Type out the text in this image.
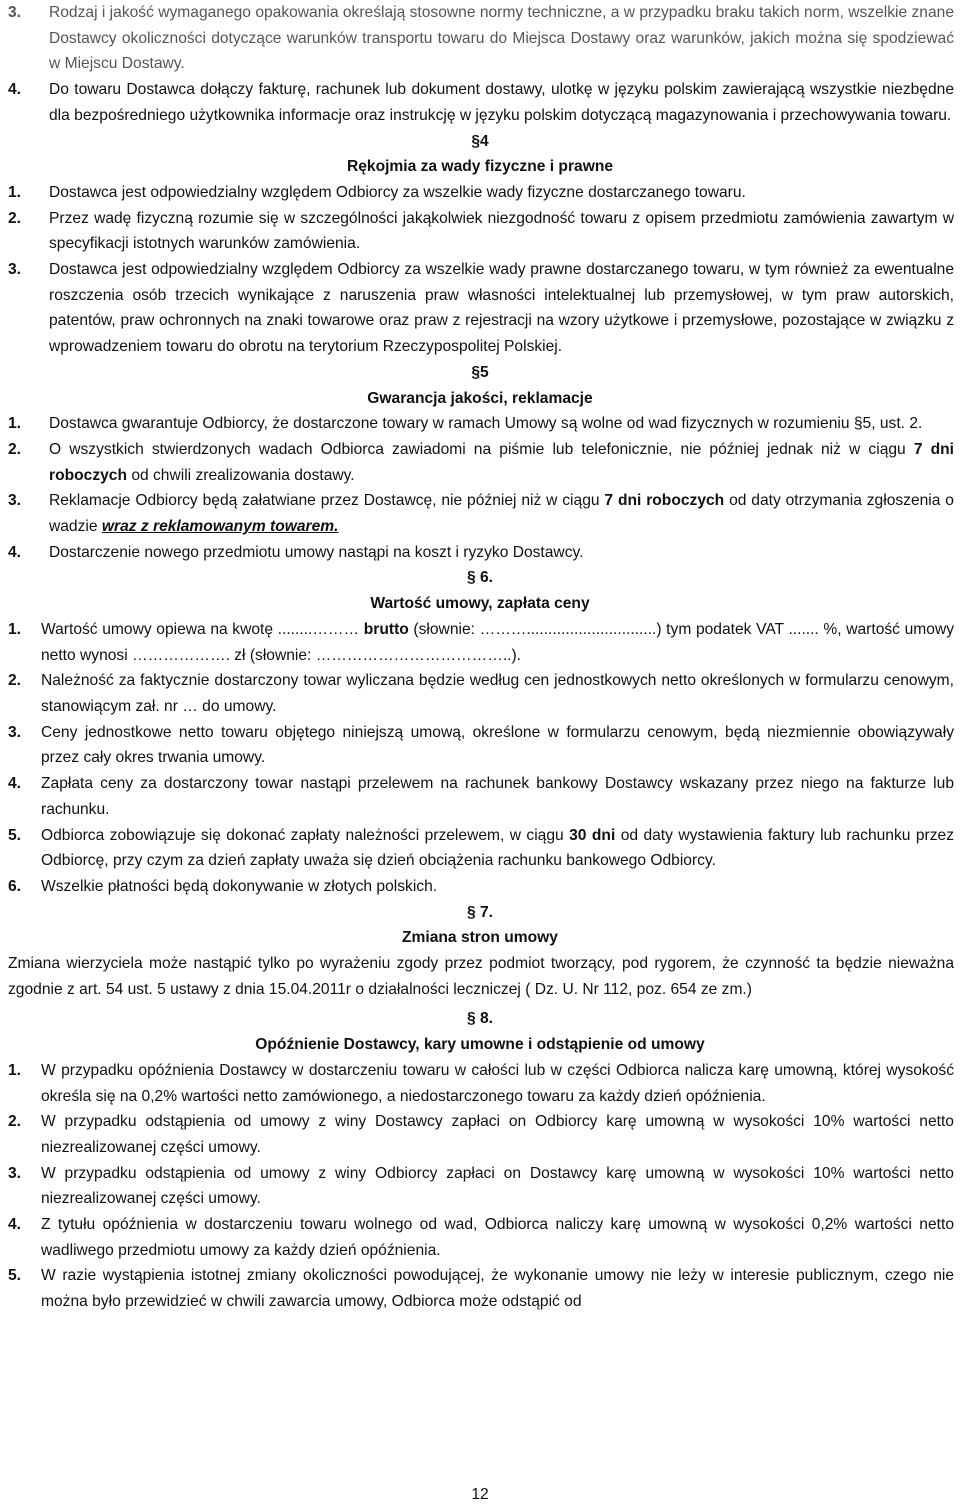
3. Rodzaj i jakość wymaganego opakowania określają stosowne normy techniczne, a w przypadku braku takich norm, wszelkie znane Dostawcy okoliczności dotyczące warunków transportu towaru do Miejsca Dostawy oraz warunków, jakich można się spodziewać w Miejscu Dostawy.

4. Do towaru Dostawca dołączy fakturę, rachunek lub dokument dostawy, ulotkę w języku polskim zawierającą wszystkie niezbędne dla bezpośredniego użytkownika informacje oraz instrukcję w języku polskim dotyczącą magazynowania i przechowywania towaru.

§4

Rękojmia za wady fizyczne i prawne

1. Dostawca jest odpowiedzialny względem Odbiorcy za wszelkie wady fizyczne dostarczanego towaru.

2. Przez wadę fizyczną rozumie się w szczególności jakąkolwiek niezgodność towaru z opisem przedmiotu zamówienia zawartym w specyfikacji istotnych warunków zamówienia.

3. Dostawca jest odpowiedzialny względem Odbiorcy za wszelkie wady prawne dostarczanego towaru, w tym również za ewentualne roszczenia osób trzecich wynikające z naruszenia praw własności intelektualnej lub przemysłowej, w tym praw autorskich, patentów, praw ochronnych na znaki towarowe oraz praw z rejestracji na wzory użytkowe i przemysłowe, pozostające w związku z wprowadzeniem towaru do obrotu na terytorium Rzeczypospolitej Polskiej.

§5

Gwarancja jakości, reklamacje

1. Dostawca gwarantuje Odbiorcy, że dostarczone towary w ramach Umowy są wolne od wad fizycznych w rozumieniu §5, ust. 2.

2. O wszystkich stwierdzonych wadach Odbiorca zawiadomi na piśmie lub telefonicznie, nie później jednak niż w ciągu 7 dni roboczych od chwili zrealizowania dostawy.

3. Reklamacje Odbiorcy będą załatwiane przez Dostawcę, nie później niż w ciągu 7 dni roboczych od daty otrzymania zgłoszenia o wadzie wraz z reklamowanym towarem.

4. Dostarczenie nowego przedmiotu umowy nastąpi na koszt i ryzyko Dostawcy.

§ 6.

Wartość umowy, zapłata ceny

1. Wartość umowy opiewa na kwotę ........……… brutto (słownie: ………..............................) tym podatek VAT ....... %, wartość umowy netto wynosi ………………. zł (słownie: ………………………………..).

2. Należność za faktycznie dostarczony towar wyliczana będzie według cen jednostkowych netto określonych w formularzu cenowym, stanowiącym zał. nr … do umowy.

3. Ceny jednostkowe netto towaru objętego niniejszą umową, określone w formularzu cenowym, będą niezmiennie obowiązywały przez cały okres trwania umowy.

4. Zapłata ceny za dostarczony towar nastąpi przelewem na rachunek bankowy Dostawcy wskazany przez niego na fakturze lub rachunku.

5. Odbiorca zobowiązuje się dokonać zapłaty należności przelewem, w ciągu 30 dni od daty wystawienia faktury lub rachunku przez Odbiorcę, przy czym za dzień zapłaty uważa się dzień obciążenia rachunku bankowego Odbiorcy.

6. Wszelkie płatności będą dokonywanie w złotych polskich.

§ 7.

Zmiana stron umowy

Zmiana wierzyciela może nastąpić tylko po wyrażeniu zgody przez podmiot tworzący, pod rygorem, że czynność ta będzie nieważna zgodnie z art. 54 ust. 5 ustawy z dnia 15.04.2011r o działalności leczniczej ( Dz. U. Nr 112, poz. 654 ze zm.)

§ 8.

Opóźnienie Dostawcy, kary umowne i odstąpienie od umowy

1. W przypadku opóźnienia Dostawcy w dostarczeniu towaru w całości lub w części Odbiorca nalicza karę umowną, której wysokość określa się na 0,2% wartości netto zamówionego, a niedostarczonego towaru za każdy dzień opóźnienia.

2. W przypadku odstąpienia od umowy z winy Dostawcy zapłaci on Odbiorcy karę umowną w wysokości 10% wartości netto niezrealizowanej części umowy.

3. W przypadku odstąpienia od umowy z winy Odbiorcy zapłaci on Dostawcy karę umowną w wysokości 10% wartości netto niezrealizowanej części umowy.

4. Z tytułu opóźnienia w dostarczeniu towaru wolnego od wad, Odbiorca naliczy karę umowną w wysokości 0,2% wartości netto wadliwego przedmiotu umowy za każdy dzień opóźnienia.

5. W razie wystąpienia istotnej zmiany okoliczności powodującej, że wykonanie umowy nie leży w interesie publicznym, czego nie można było przewidzieć w chwili zawarcia umowy, Odbiorca może odstąpić od

12
